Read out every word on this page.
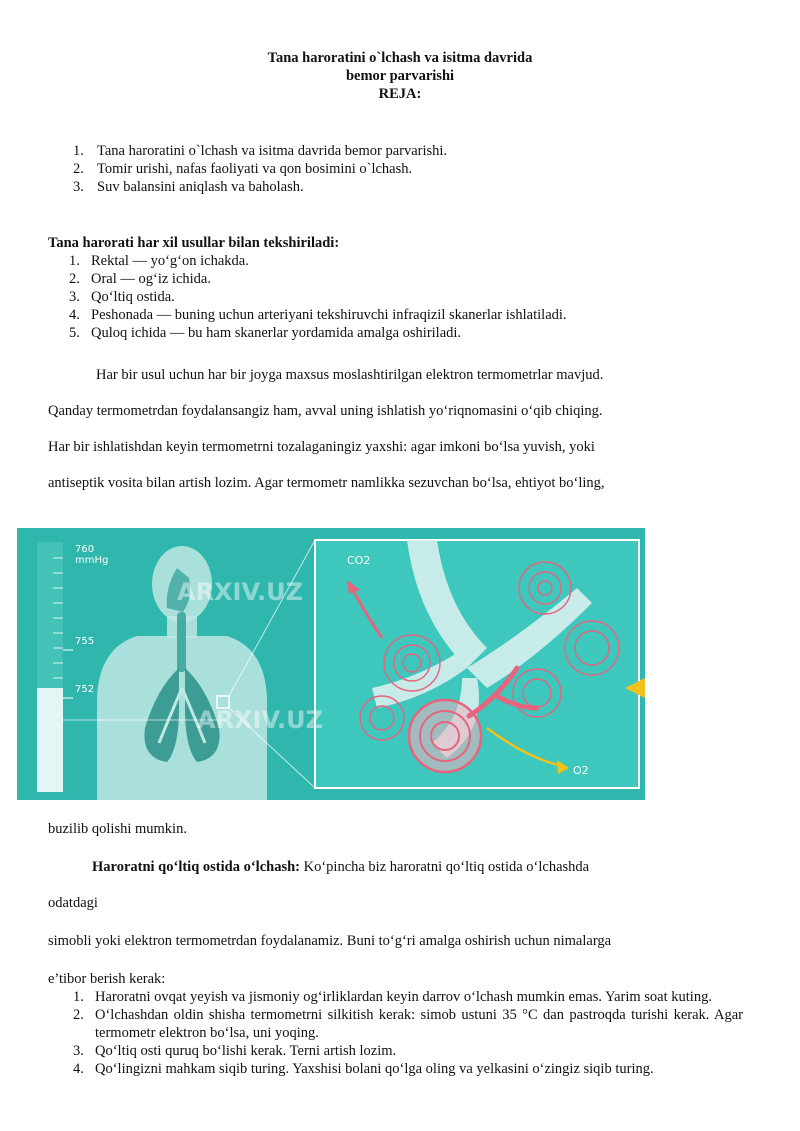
Tana haroratini o`lchash va isitma davrida
bemor parvarishi
REJA:
1. Tana haroratini o`lchash va isitma davrida bemor parvarishi.
2. Tomir urishi, nafas faoliyati va qon bosimini o`lchash.
3. Suv balansini aniqlash va baholash.
Tana harorati har xil usullar bilan tekshiriladi:
1. Rektal — yo‘g‘on ichakda.
2. Oral — og‘iz ichida.
3. Qo‘ltiq ostida.
4. Peshonada — buning uchun arteriyani tekshiruvchi infraqizil skanerlar ishlatiladi.
5. Quloq ichida — bu ham skanerlar yordamida amalga oshiriladi.
Har bir usul uchun har bir joyga maxsus moslashtirilgan elektron termometrlar mavjud.
Qanday termometrdan foydalansangiz ham, avval uning ishlatish yo‘riqnomasini o‘qib chiqing.
Har bir ishlatishdan keyin termometrni tozalaganingiz yaxshi: agar imkoni bo‘lsa yuvish, yoki
antiseptik vosita bilan artish lozim. Agar termometr namlikka sezuvchan bo‘lsa, ehtiyot bo‘ling,
760 mmHg
755
752
CO2
O2
ARXIV.UZ
ARXIV.UZ
buzilib qolishi mumkin.
Haroratni qo‘ltiq ostida o‘lchash: Ko‘pincha biz haroratni qo‘ltiq ostida o‘lchashda
odatdagi
simobli yoki elektron termometrdan foydalanamiz. Buni to‘g‘ri amalga oshirish uchun nimalarga
e’tibor berish kerak:
1. Haroratni ovqat yeyish va jismoniy og‘irliklardan keyin darrov o‘lchash mumkin emas. Yarim soat kuting.
2. O‘lchashdan oldin shisha termometrni silkitish kerak: simob ustuni 35 °C dan pastroqda turishi kerak. Agar termometr elektron bo‘lsa, uni yoqing.
3. Qo‘ltiq osti quruq bo‘lishi kerak. Terni artish lozim.
4. Qo‘lingizni mahkam siqib turing. Yaxshisi bolani qo‘lga oling va yelkasini o‘zingiz siqib turing.
